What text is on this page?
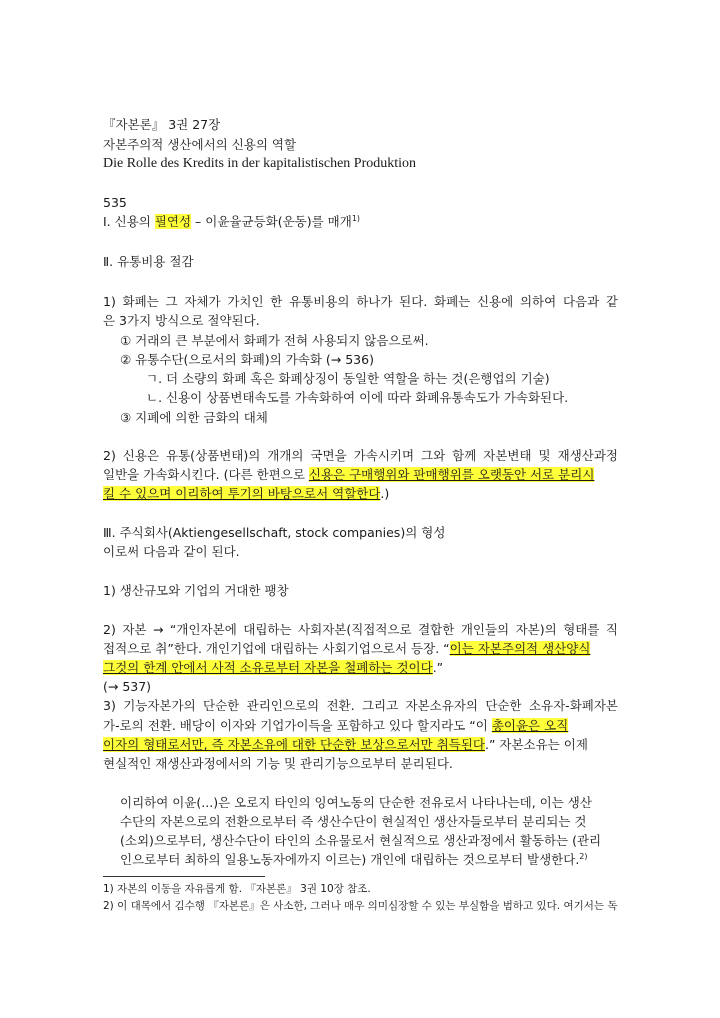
『자본론』 3권 27장
자본주의적 생산에서의 신용의 역할
Die Rolle des Kredits in der kapitalistischen Produktion
535
I. 신용의 필연성 – 이윤율균등화(운동)를 매개$^{1)}$
Ⅱ. 유통비용 절감
1) 화폐는 그 자체가 가치인 한 유통비용의 하나가 된다. 화폐는 신용에 의하여 다음과 같
은 3가지 방식으로 절약된다.
① 거래의 큰 부분에서 화폐가 전혀 사용되지 않음으로써.
② 유통수단(으로서의 화폐)의 가속화 (→ 536)
ㄱ. 더 소량의 화폐 혹은 화폐상징이 동일한 역할을 하는 것(은행업의 기술)
ㄴ. 신용이 상품변태속도를 가속화하여 이에 따라 화폐유통속도가 가속화된다.
③ 지폐에 의한 금화의 대체
2) 신용은 유통(상품변태)의 개개의 국면을 가속시키며 그와 함께 자본변태 및 재생산과정
일반을 가속화시킨다. (다른 한편으로 신용은 구매행위와 판매행위를 오랫동안 서로 분리시
킬 수 있으며 이리하여 투기의 바탕으로서 역할한다.)
Ⅲ. 주식회사(Aktiengesellschaft, stock companies)의 형성
이로써 다음과 같이 된다.
1) 생산규모와 기업의 거대한 팽창
2) 자본 → “개인자본에 대립하는 사회자본(직접적으로 결합한 개인들의 자본)의 형태를 직
접적으로 취”한다. 개인기업에 대립하는 사회기업으로서 등장. “이는 자본주의적 생산양식
그것의 한계 안에서 사적 소유로부터 자본을 철폐하는 것이다.”
(→ 537)
3) 기능자본가의 단순한 관리인으로의 전환. 그리고 자본소유자의 단순한 소유자-화폐자본
가-로의 전환. 배당이 이자와 기업가이득을 포함하고 있다 할지라도 “이 총이윤은 오직
이자의 형태로서만, 즉 자본소유에 대한 단순한 보상으로서만 취득된다.” 자본소유는 이제
현실적인 재생산과정에서의 기능 및 관리기능으로부터 분리된다.
이리하여 이윤(...)은 오로지 타인의 잉여노동의 단순한 전유로서 나타나는데, 이는 생산
수단의 자본으로의 전환으로부터 즉 생산수단이 현실적인 생산자들로부터 분리되는 것
(소외)으로부터, 생산수단이 타인의 소유물로서 현실적으로 생산과정에서 활동하는 (관리
인으로부터 최하의 일용노동자에까지 이르는) 개인에 대립하는 것으로부터 발생한다.$^{2)}$
1) 자본의 이동을 자유롭게 함. 『자본론』 3권 10장 참조.
2) 이 대목에서 김수행 『자본론』은 사소한, 그러나 매우 의미심장할 수 있는 부실함을 범하고 있다. 여기서는 독
